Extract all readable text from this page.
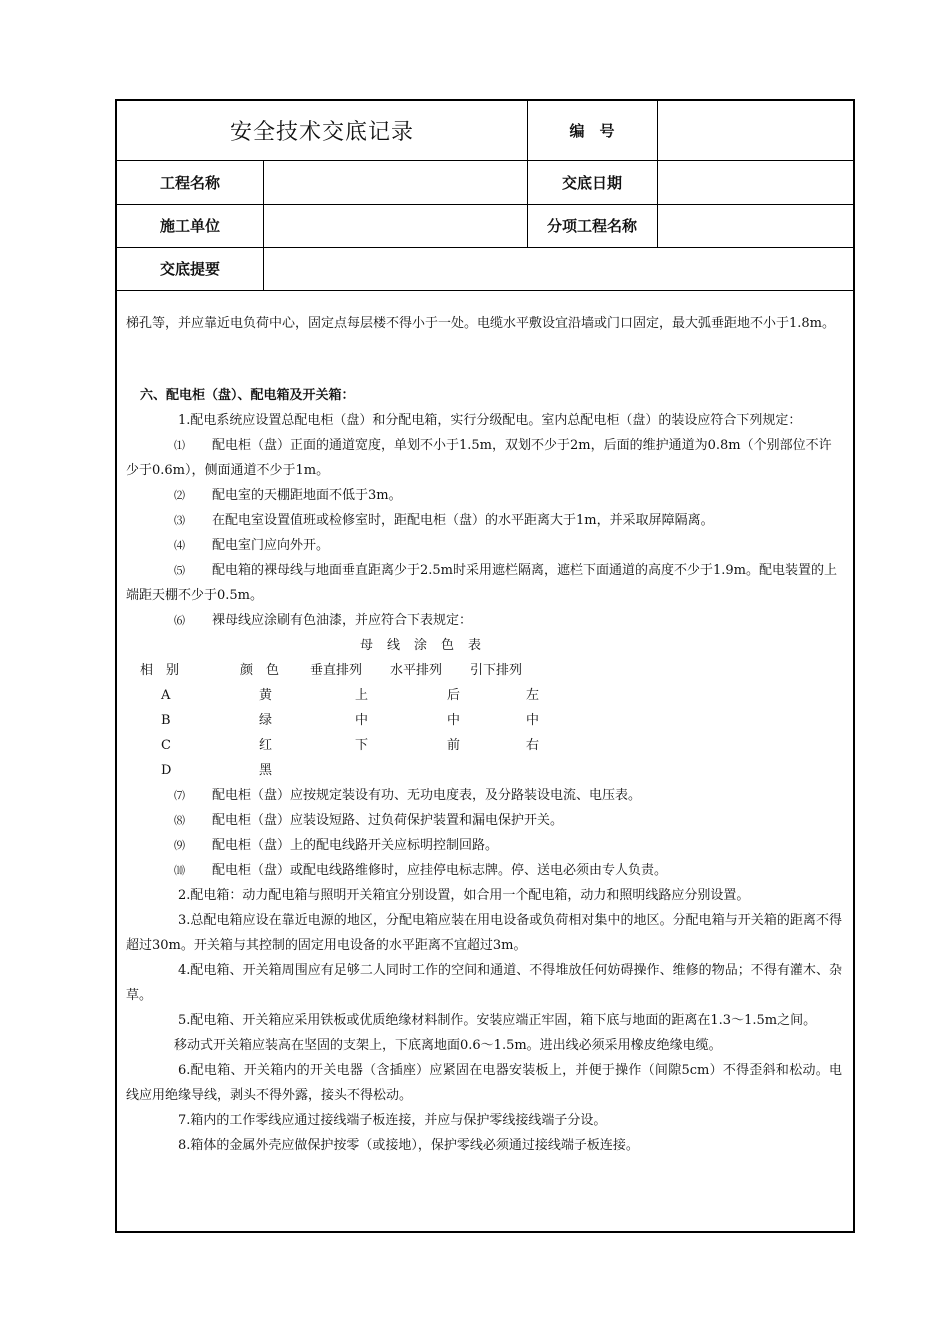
安全技术交底记录	编　号
工程名称	交底日期
施工单位	分项工程名称
交底提要

梯孔等，并应靠近电负荷中心，固定点每层楼不得小于一处。电缆水平敷设宜沿墙或门口固定，最大弧垂距地不小于1.8m。

六、配电柜（盘）、配电箱及开关箱：

1.配电系统应设置总配电柜（盘）和分配电箱，实行分级配电。室内总配电柜（盘）的装设应符合下列规定：

⑴	配电柜（盘）正面的通道宽度，单划不小于1.5m，双划不少于2m，后面的维护通道为0.8m（个别部位不许少于0.6m），侧面通道不少于1m。
⑵	配电室的天棚距地面不低于3m。
⑶	在配电室设置值班或检修室时，距配电柜（盘）的水平距离大于1m，并采取屏障隔离。
⑷	配电室门应向外开。
⑸	配电箱的裸母线与地面垂直距离少于2.5m时采用遮栏隔离，遮栏下面通道的高度不少于1.9m。配电装置的上端距天棚不少于0.5m。
⑹	裸母线应涂刷有色油漆，并应符合下表规定：
母线涂色表
相　别	颜　色	垂直排列	水平排列	引下排列
A	黄	上	后	左
B	绿	中	中	中
C	红	下	前	右
D	黑
⑺	配电柜（盘）应按规定装设有功、无功电度表，及分路装设电流、电压表。
⑻	配电柜（盘）应装设短路、过负荷保护装置和漏电保护开关。
⑼	配电柜（盘）上的配电线路开关应标明控制回路。
⑽	配电柜（盘）或配电线路维修时，应挂停电标志牌。停、送电必须由专人负责。

2.配电箱：动力配电箱与照明开关箱宜分别设置，如合用一个配电箱，动力和照明线路应分别设置。

3.总配电箱应设在靠近电源的地区，分配电箱应装在用电设备或负荷相对集中的地区。分配电箱与开关箱的距离不得超过30m。开关箱与其控制的固定用电设备的水平距离不宜超过3m。

4.配电箱、开关箱周围应有足够二人同时工作的空间和通道、不得堆放任何妨碍操作、维修的物品；不得有灌木、杂草。

5.配电箱、开关箱应采用铁板或优质绝缘材料制作。安装应端正牢固，箱下底与地面的距离在1.3～1.5m之间。

移动式开关箱应装高在坚固的支架上，下底离地面0.6～1.5m。进出线必须采用橡皮绝缘电缆。

6.配电箱、开关箱内的开关电器（含插座）应紧固在电器安装板上，并便于操作（间隙5cm）不得歪斜和松动。电线应用绝缘导线，剥头不得外露，接头不得松动。

7.箱内的工作零线应通过接线端子板连接，并应与保护零线接线端子分设。

8.箱体的金属外壳应做保护按零（或接地），保护零线必须通过接线端子板连接。
